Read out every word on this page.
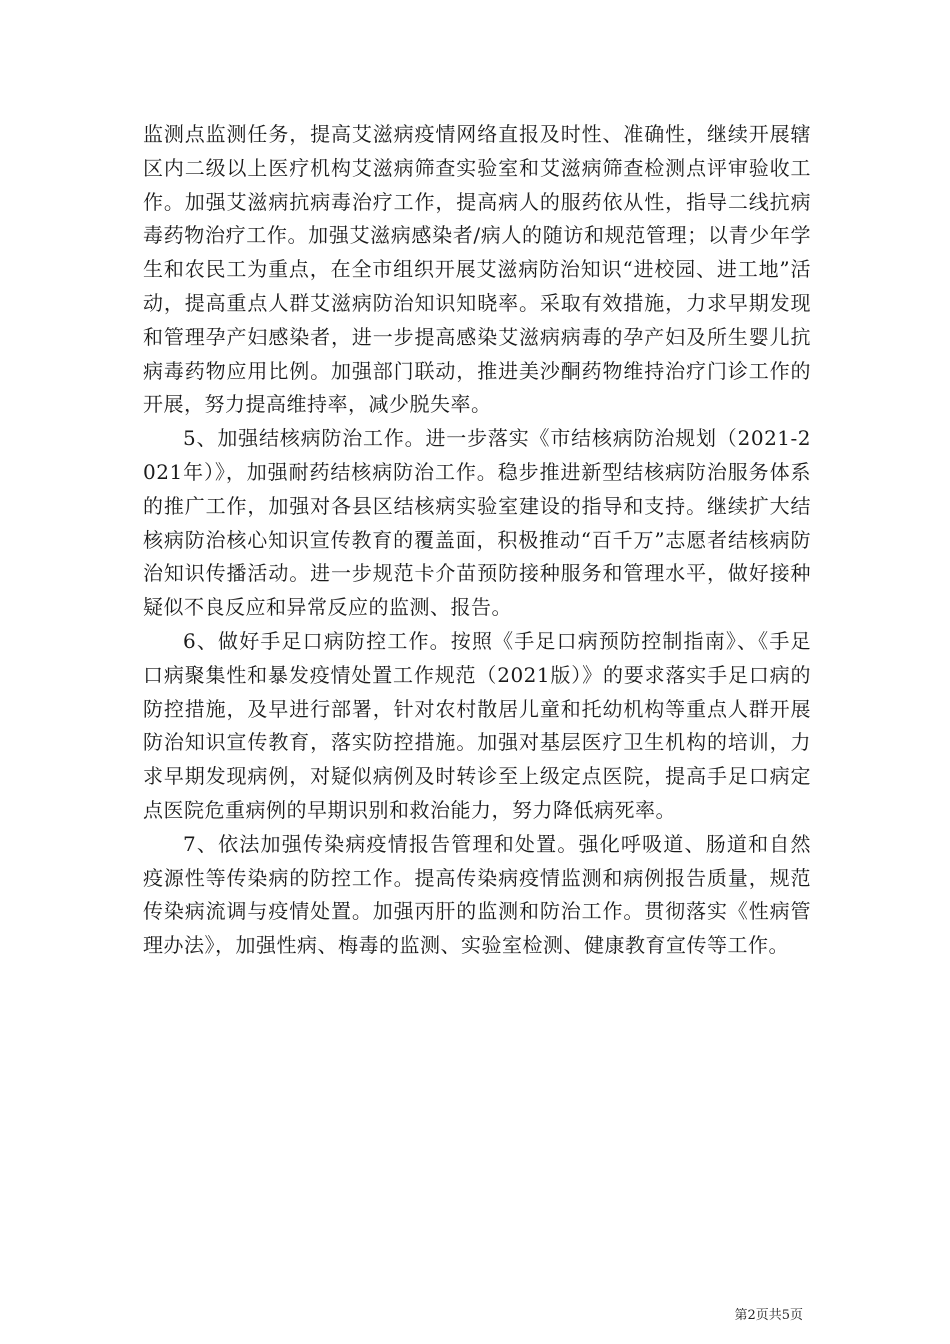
监测点监测任务，提高艾滋病疫情网络直报及时性、准确性，继续开展辖区内二级以上医疗机构艾滋病筛查实验室和艾滋病筛查检测点评审验收工作。加强艾滋病抗病毒治疗工作，提高病人的服药依从性，指导二线抗病毒药物治疗工作。加强艾滋病感染者/病人的随访和规范管理；以青少年学生和农民工为重点，在全市组织开展艾滋病防治知识“进校园、进工地”活动，提高重点人群艾滋病防治知识知晓率。采取有效措施，力求早期发现和管理孕产妇感染者，进一步提高感染艾滋病病毒的孕产妇及所生婴儿抗病毒药物应用比例。加强部门联动，推进美沙酮药物维持治疗门诊工作的开展，努力提高维持率，减少脱失率。

5、加强结核病防治工作。进一步落实《市结核病防治规划（2021-2021年）》，加强耐药结核病防治工作。稳步推进新型结核病防治服务体系的推广工作，加强对各县区结核病实验室建设的指导和支持。继续扩大结核病防治核心知识宣传教育的覆盖面，积极推动“百千万”志愿者结核病防治知识传播活动。进一步规范卡介苗预防接种服务和管理水平，做好接种疑似不良反应和异常反应的监测、报告。

6、做好手足口病防控工作。按照《手足口病预防控制指南》、《手足口病聚集性和暴发疫情处置工作规范（2021版）》的要求落实手足口病的防控措施，及早进行部署，针对农村散居儿童和托幼机构等重点人群开展防治知识宣传教育，落实防控措施。加强对基层医疗卫生机构的培训，力求早期发现病例，对疑似病例及时转诊至上级定点医院，提高手足口病定点医院危重病例的早期识别和救治能力，努力降低病死率。

7、依法加强传染病疫情报告管理和处置。强化呼吸道、肠道和自然疫源性等传染病的防控工作。提高传染病疫情监测和病例报告质量，规范传染病流调与疫情处置。加强丙肝的监测和防治工作。贯彻落实《性病管理办法》，加强性病、梅毒的监测、实验室检测、健康教育宣传等工作。

第2页共5页
